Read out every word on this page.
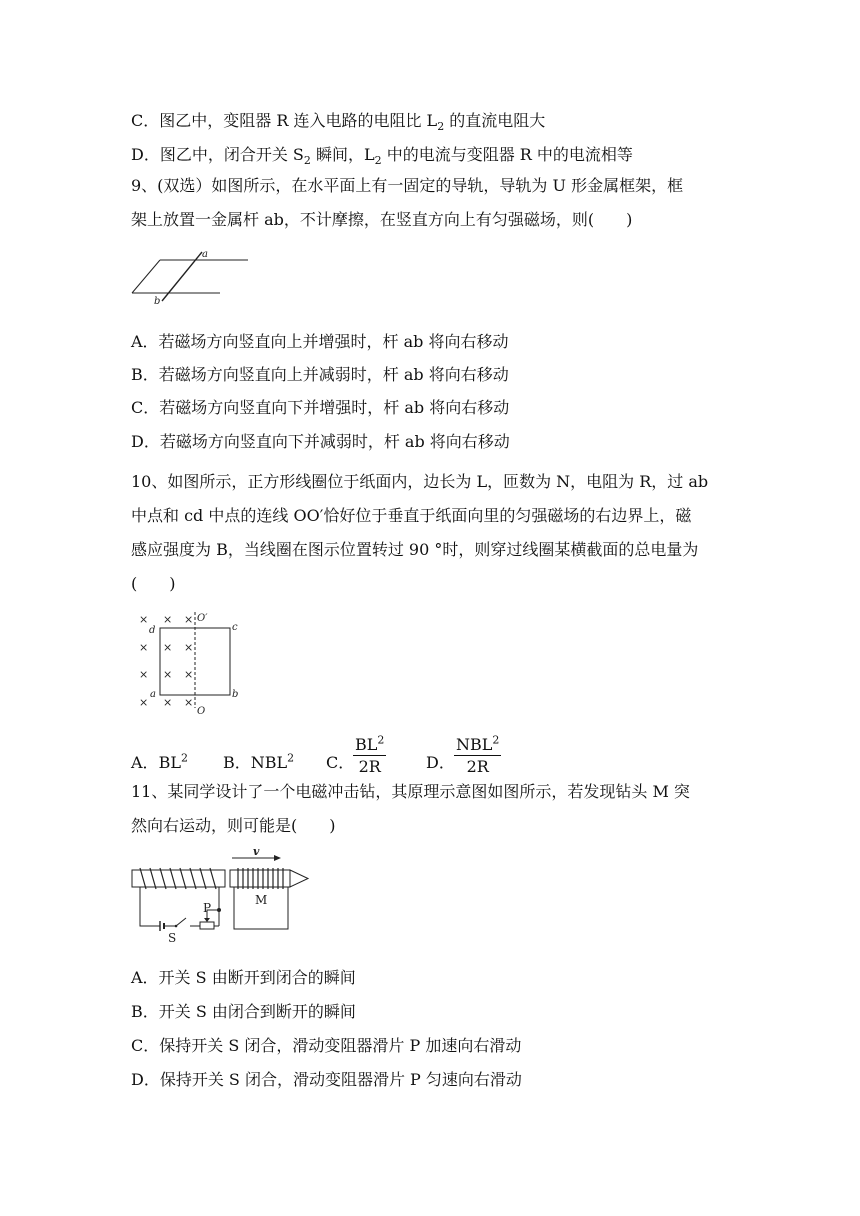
C．图乙中，变阻器 R 连入电路的电阻比 $L_2$ 的直流电阻大
D．图乙中，闭合开关 $S_2$ 瞬间，$L_2$ 中的电流与变阻器 R 中的电流相等
9、(双选）如图所示，在水平面上有一固定的导轨，导轨为 U 形金属框架，框
架上放置一金属杆 ab，不计摩擦，在竖直方向上有匀强磁场，则(　　)
a
b
A．若磁场方向竖直向上并增强时，杆 ab 将向右移动
B．若磁场方向竖直向上并减弱时，杆 ab 将向右移动
C．若磁场方向竖直向下并增强时，杆 ab 将向右移动
D．若磁场方向竖直向下并减弱时，杆 ab 将向右移动
10、如图所示，正方形线圈位于纸面内，边长为 L，匝数为 N，电阻为 R，过 ab
中点和 cd 中点的连线 OO′恰好位于垂直于纸面向里的匀强磁场的右边界上，磁
感应强度为 B，当线圈在图示位置转过 90 °时，则穿过线圈某横截面的总电量为
(　　)
× × ×
× × ×
× × ×
× × ×
d	c
a	b
O′
O
A．$BL^2$ B．NBL$^2$ C．
$\frac{BL^2}{2R}$ D．
NBL$^2$
2R
11、某同学设计了一个电磁冲击钻，其原理示意图如图所示，若发现钻头 M 突
然向右运动，则可能是(　　)
v
M
P
S
A．开关 S 由断开到闭合的瞬间
B．开关 S 由闭合到断开的瞬间
C．保持开关 S 闭合，滑动变阻器滑片 P 加速向右滑动
D．保持开关 S 闭合，滑动变阻器滑片 P 匀速向右滑动
